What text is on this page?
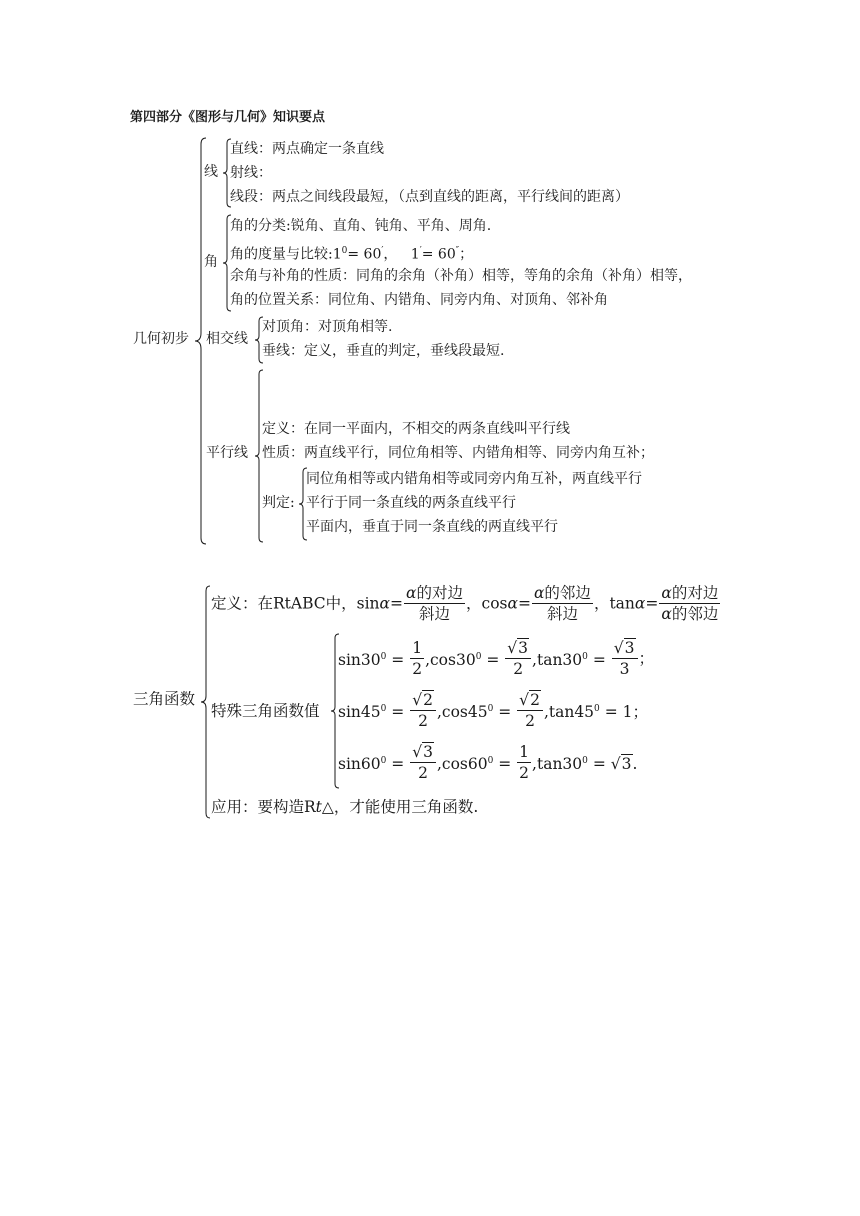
第四部分《图形与几何》知识要点
几何初步
线
直线：两点确定一条直线
射线：
线段：两点之间线段最短，（点到直线的距离，平行线间的距离）
角
角的分类:锐角、直角、钝角、平角、周角.
角的度量与比较$:1^0= 60'$， 1′= 60″；
余角与补角的性质：同角的余角（补角）相等，等角的余角（补角）相等，
角的位置关系：同位角、内错角、同旁内角、对顶角、邻补角
相交线
对顶角：对顶角相等.
垂线：定义，垂直的判定，垂线段最短.
平行线
定义：在同一平面内，不相交的两条直线叫平行线
性质：两直线平行，同位角相等、内错角相等、同旁内角互补；
判定:
同位角相等或内错角相等或同旁内角互补，两直线平行
平行于同一条直线的两条直线平行
平面内，垂直于同一条直线的两直线平行
三角函数
定义：在RtABC中，$\sin\alpha= \frac{\text{α的对边}}{\text{斜边}}$ ，$\cos\alpha= \frac{\text{α的邻边}}{\text{斜边}}$ ，$\tan\alpha= \frac{\text{α的对边}}{\text{α的邻边}}$
特殊三角函数值
$\sin 30^0 = \frac{1}{2} ,\cos 30^0 = \frac{√3}{2} ,\tan 30^0 = \frac{√3}{3}$ ；
$\sin 45^0 = \frac{√2}{2} ,\cos 45^0 = \frac{√2}{2} ,\tan 45^0 = 1$；
$\sin 60^0 = \frac{√3}{2} ,\cos 60^0 = \frac{1}{2} ,\tan 30^0 = √3$.
应用：要构造Rt△，才能使用三角函数.
